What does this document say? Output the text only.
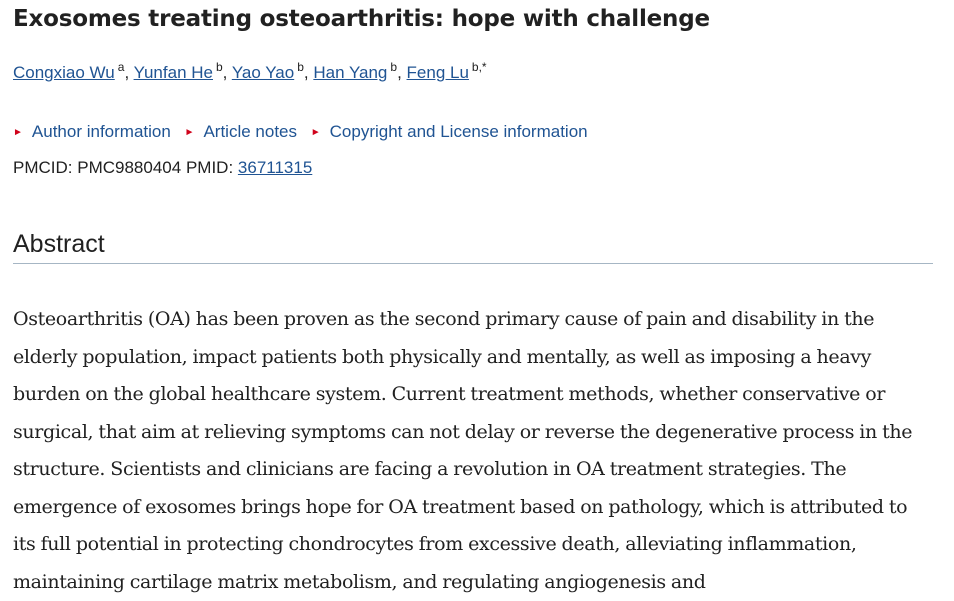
Exosomes treating osteoarthritis: hope with challenge
Congxiao Wu $^a$, Yunfan He $^b$, Yao Yao $^b$, Han Yang $^b$, Feng Lu $^{b,*}$
► Author information ► Article notes ► Copyright and License information
PMCID: PMC9880404 PMID: 36711315
Abstract

Osteoarthritis (OA) has been proven as the second primary cause of pain and disability in the elderly population, impact patients both physically and mentally, as well as imposing a heavy burden on the global healthcare system. Current treatment methods, whether conservative or surgical, that aim at relieving symptoms can not delay or reverse the degenerative process in the structure. Scientists and clinicians are facing a revolution in OA treatment strategies. The emergence of exosomes brings hope for OA treatment based on pathology, which is attributed to its full potential in protecting chondrocytes from excessive death, alleviating inflammation, maintaining cartilage matrix metabolism, and regulating angiogenesis and
